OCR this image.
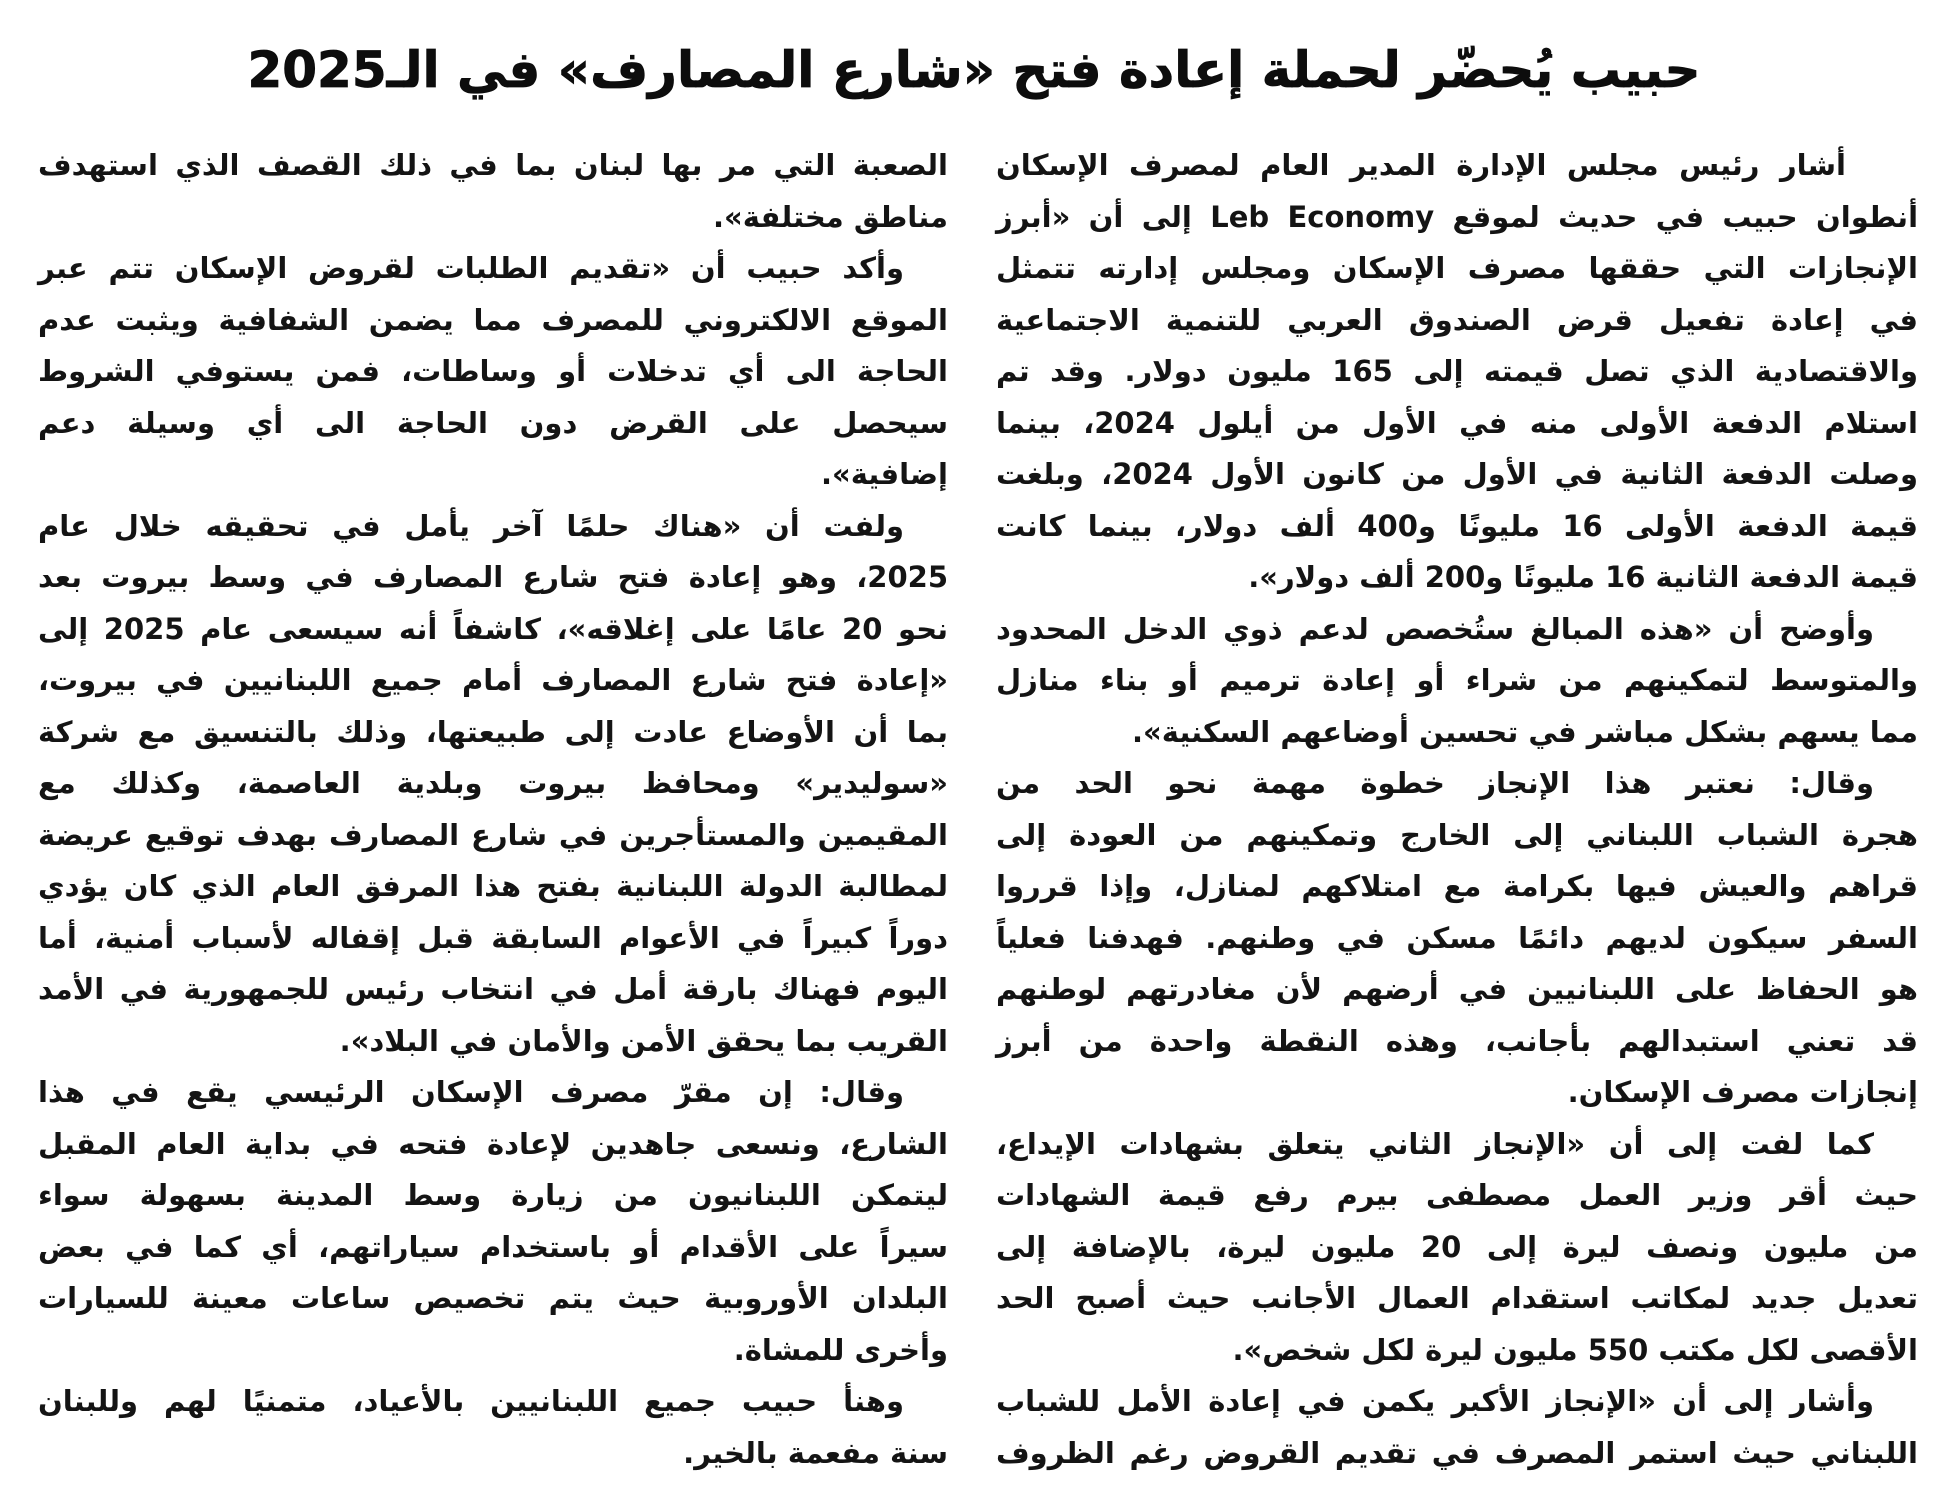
حبيب يُحضّر لحملة إعادة فتح «شارع المصارف» في الـ2025
أشار رئيس مجلس الإدارة المدير العام لمصرف الإسكان
أنطوان حبيب في حديث لموقع Leb Economy إلى أن «أبرز
الإنجازات التي حققها مصرف الإسكان ومجلس إدارته تتمثل
في إعادة تفعيل قرض الصندوق العربي للتنمية الاجتماعية
والاقتصادية الذي تصل قيمته إلى 165 مليون دولار. وقد تم
استلام الدفعة الأولى منه في الأول من أيلول 2024، بينما
وصلت الدفعة الثانية في الأول من كانون الأول 2024، وبلغت
قيمة الدفعة الأولى 16 مليونًا و400 ألف دولار، بينما كانت
قيمة الدفعة الثانية 16 مليونًا و200 ألف دولار».
وأوضح أن «هذه المبالغ ستُخصص لدعم ذوي الدخل المحدود
والمتوسط لتمكينهم من شراء أو إعادة ترميم أو بناء منازل
مما يسهم بشكل مباشر في تحسين أوضاعهم السكنية».
وقال: نعتبر هذا الإنجاز خطوة مهمة نحو الحد من
هجرة الشباب اللبناني إلى الخارج وتمكينهم من العودة إلى
قراهم والعيش فيها بكرامة مع امتلاكهم لمنازل، وإذا قرروا
السفر سيكون لديهم دائمًا مسكن في وطنهم. فهدفنا فعلياً
هو الحفاظ على اللبنانيين في أرضهم لأن مغادرتهم لوطنهم
قد تعني استبدالهم بأجانب، وهذه النقطة واحدة من أبرز
إنجازات مصرف الإسكان.
كما لفت إلى أن «الإنجاز الثاني يتعلق بشهادات الإيداع،
حيث أقر وزير العمل مصطفى بيرم رفع قيمة الشهادات
من مليون ونصف ليرة إلى 20 مليون ليرة، بالإضافة إلى
تعديل جديد لمكاتب استقدام العمال الأجانب حيث أصبح الحد
الأقصى لكل مكتب 550 مليون ليرة لكل شخص».
وأشار إلى أن «الإنجاز الأكبر يكمن في إعادة الأمل للشباب
اللبناني حيث استمر المصرف في تقديم القروض رغم الظروف
الصعبة التي مر بها لبنان بما في ذلك القصف الذي استهدف
مناطق مختلفة».
وأكد حبيب أن «تقديم الطلبات لقروض الإسكان تتم عبر
الموقع الالكتروني للمصرف مما يضمن الشفافية ويثبت عدم
الحاجة الى أي تدخلات أو وساطات، فمن يستوفي الشروط
سيحصل على القرض دون الحاجة الى أي وسيلة دعم
إضافية».
ولفت أن «هناك حلمًا آخر يأمل في تحقيقه خلال عام
2025، وهو إعادة فتح شارع المصارف في وسط بيروت بعد
نحو 20 عامًا على إغلاقه»، كاشفاً أنه سيسعى عام 2025 إلى
«إعادة فتح شارع المصارف أمام جميع اللبنانيين في بيروت،
بما أن الأوضاع عادت إلى طبيعتها، وذلك بالتنسيق مع شركة
«سوليدير» ومحافظ بيروت وبلدية العاصمة، وكذلك مع
المقيمين والمستأجرين في شارع المصارف بهدف توقيع عريضة
لمطالبة الدولة اللبنانية بفتح هذا المرفق العام الذي كان يؤدي
دوراً كبيراً في الأعوام السابقة قبل إقفاله لأسباب أمنية، أما
اليوم فهناك بارقة أمل في انتخاب رئيس للجمهورية في الأمد
القريب بما يحقق الأمن والأمان في البلاد».
وقال: إن مقرّ مصرف الإسكان الرئيسي يقع في هذا
الشارع، ونسعى جاهدين لإعادة فتحه في بداية العام المقبل
ليتمكن اللبنانيون من زيارة وسط المدينة بسهولة سواء
سيراً على الأقدام أو باستخدام سياراتهم، أي كما في بعض
البلدان الأوروبية حيث يتم تخصيص ساعات معينة للسيارات
وأخرى للمشاة.
وهنأ حبيب جميع اللبنانيين بالأعياد، متمنيًا لهم وللبنان
سنة مفعمة بالخير.
